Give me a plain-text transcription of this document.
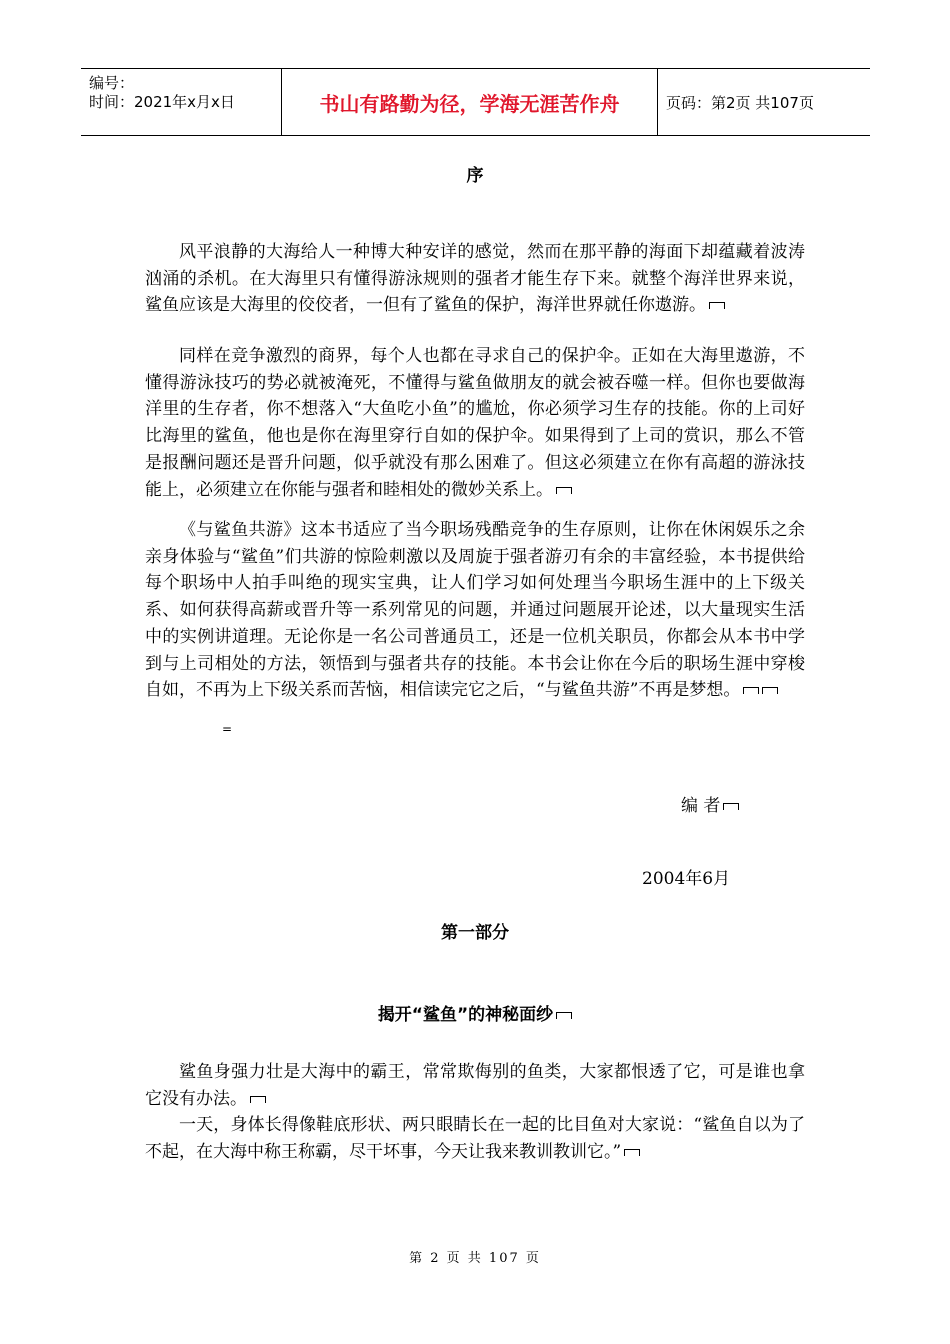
编号：
时间：2021年x月x日	书山有路勤为径，学海无涯苦作舟	页码：第2页 共107页
序

风平浪静的大海给人一种博大种安详的感觉，然而在那平静的海面下却蕴藏着波涛汹涌的杀机。在大海里只有懂得游泳规则的强者才能生存下来。就整个海洋世界来说，鲨鱼应该是大海里的佼佼者，一但有了鲨鱼的保护，海洋世界就任你遨游。

同样在竞争激烈的商界，每个人也都在寻求自己的保护伞。正如在大海里遨游，不懂得游泳技巧的势必就被淹死，不懂得与鲨鱼做朋友的就会被吞噬一样。但你也要做海洋里的生存者，你不想落入“大鱼吃小鱼”的尴尬，你必须学习生存的技能。你的上司好比海里的鲨鱼，他也是你在海里穿行自如的保护伞。如果得到了上司的赏识，那么不管是报酬问题还是晋升问题，似乎就没有那么困难了。但这必须建立在你有高超的游泳技能上，必须建立在你能与强者和睦相处的微妙关系上。

《与鲨鱼共游》这本书适应了当今职场残酷竞争的生存原则，让你在休闲娱乐之余亲身体验与“鲨鱼”们共游的惊险刺激以及周旋于强者游刃有余的丰富经验，本书提供给每个职场中人拍手叫绝的现实宝典，让人们学习如何处理当今职场生涯中的上下级关系、如何获得高薪或晋升等一系列常见的问题，并通过问题展开论述，以大量现实生活中的实例讲道理。无论你是一名公司普通员工，还是一位机关职员，你都会从本书中学到与上司相处的方法，领悟到与强者共存的技能。本书会让你在今后的职场生涯中穿梭自如，不再为上下级关系而苦恼，相信读完它之后，“与鲨鱼共游”不再是梦想。

=
编 者
2004年6月
第一部分
揭开“鲨鱼”的神秘面纱

鲨鱼身强力壮是大海中的霸王，常常欺侮别的鱼类，大家都恨透了它，可是谁也拿它没有办法。

一天，身体长得像鞋底形状、两只眼睛长在一起的比目鱼对大家说：“鲨鱼自以为了不起，在大海中称王称霸，尽干坏事，今天让我来教训教训它。”

第 2 页 共 107 页
